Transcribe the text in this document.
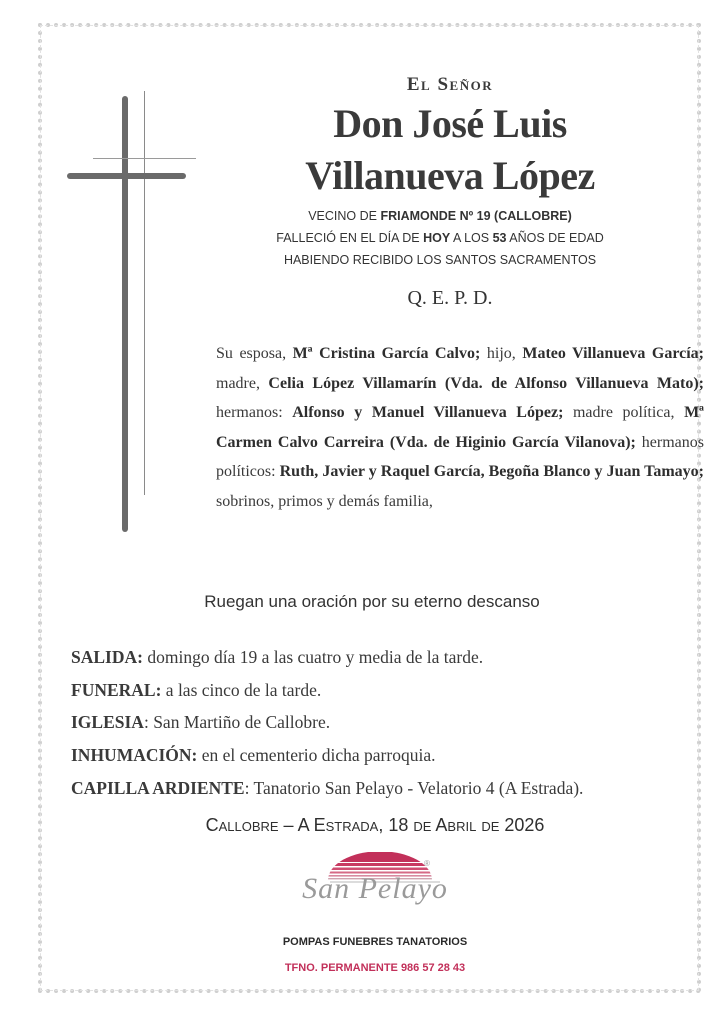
El Señor
Don José Luis
Villanueva López
VECINO DE FRIAMONDE Nº 19 (CALLOBRE)
FALLECIÓ EN EL DÍA DE HOY A LOS 53 AÑOS DE EDAD
HABIENDO RECIBIDO LOS SANTOS SACRAMENTOS
Q. E. P. D.
Su esposa, Mª Cristina García Calvo; hijo, Mateo Villanueva García; madre, Celia López Villamarín (Vda. de Alfonso Villanueva Mato); hermanos: Alfonso y Manuel Villanueva López; madre política, Mª Carmen Calvo Carreira (Vda. de Higinio García Vilanova); hermanos políticos: Ruth, Javier y Raquel García, Begoña Blanco y Juan Tamayo; sobrinos, primos y demás familia,
Ruegan una oración por su eterno descanso
SALIDA: domingo día 19 a las cuatro y media de la tarde.
FUNERAL: a las cinco de la tarde.
IGLESIA: San Martiño de Callobre.
INHUMACIÓN: en el cementerio dicha parroquia.
CAPILLA ARDIENTE: Tanatorio San Pelayo - Velatorio 4 (A Estrada).
Callobre – A Estrada, 18 de Abril de 2026
San Pelayo
®
POMPAS FUNEBRES TANATORIOS
TFNO. PERMANENTE 986 57 28 43
